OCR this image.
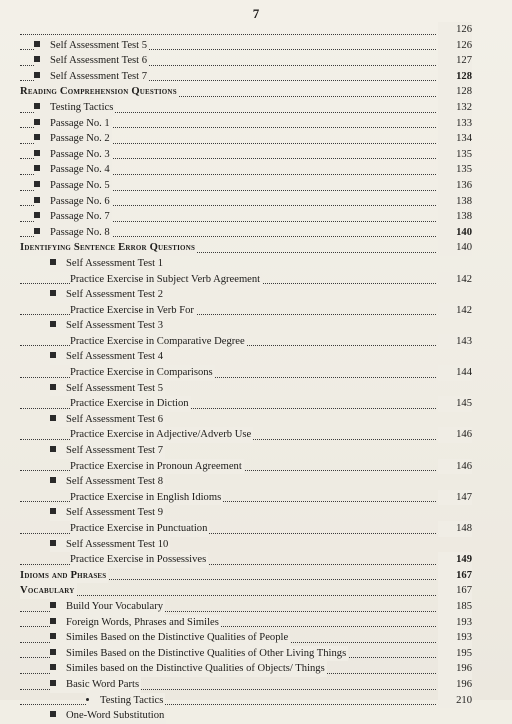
7
126
Self Assessment Test 5	126
Self Assessment Test 6	127
Self Assessment Test 7	128
Reading Comprehension Questions	128
Testing Tactics	132
Passage No. 1	133
Passage No. 2	134
Passage No. 3	135
Passage No. 4	135
Passage No. 5	136
Passage No. 6	138
Passage No. 7	138
Passage No. 8	140
Identifying Sentence Error Questions	140
Self Assessment Test 1
Practice Exercise in Subject Verb Agreement	142
Self Assessment Test 2
Practice Exercise in Verb For	142
Self Assessment Test 3
Practice Exercise in Comparative Degree	143
Self Assessment Test 4
Practice Exercise in Comparisons	144
Self Assessment Test 5
Practice Exercise in Diction	145
Self Assessment Test 6
Practice Exercise in Adjective/Adverb Use	146
Self Assessment Test 7
Practice Exercise in Pronoun Agreement	146
Self Assessment Test 8
Practice Exercise in English Idioms	147
Self Assessment Test 9
Practice Exercise in Punctuation	148
Self Assessment Test 10
Practice Exercise in Possessives	149
Idioms and Phrases	167
Vocabulary	167
Build Your Vocabulary	185
Foreign Words, Phrases and Similes	193
Similes Based on the Distinctive Qualities of People	193
Similes Based on the Distinctive Qualities of Other Living Things	195
Similes based on the Distinctive Qualities of Objects/ Things	196
Basic Word Parts	196
Testing Tactics	210
One-Word Substitution
